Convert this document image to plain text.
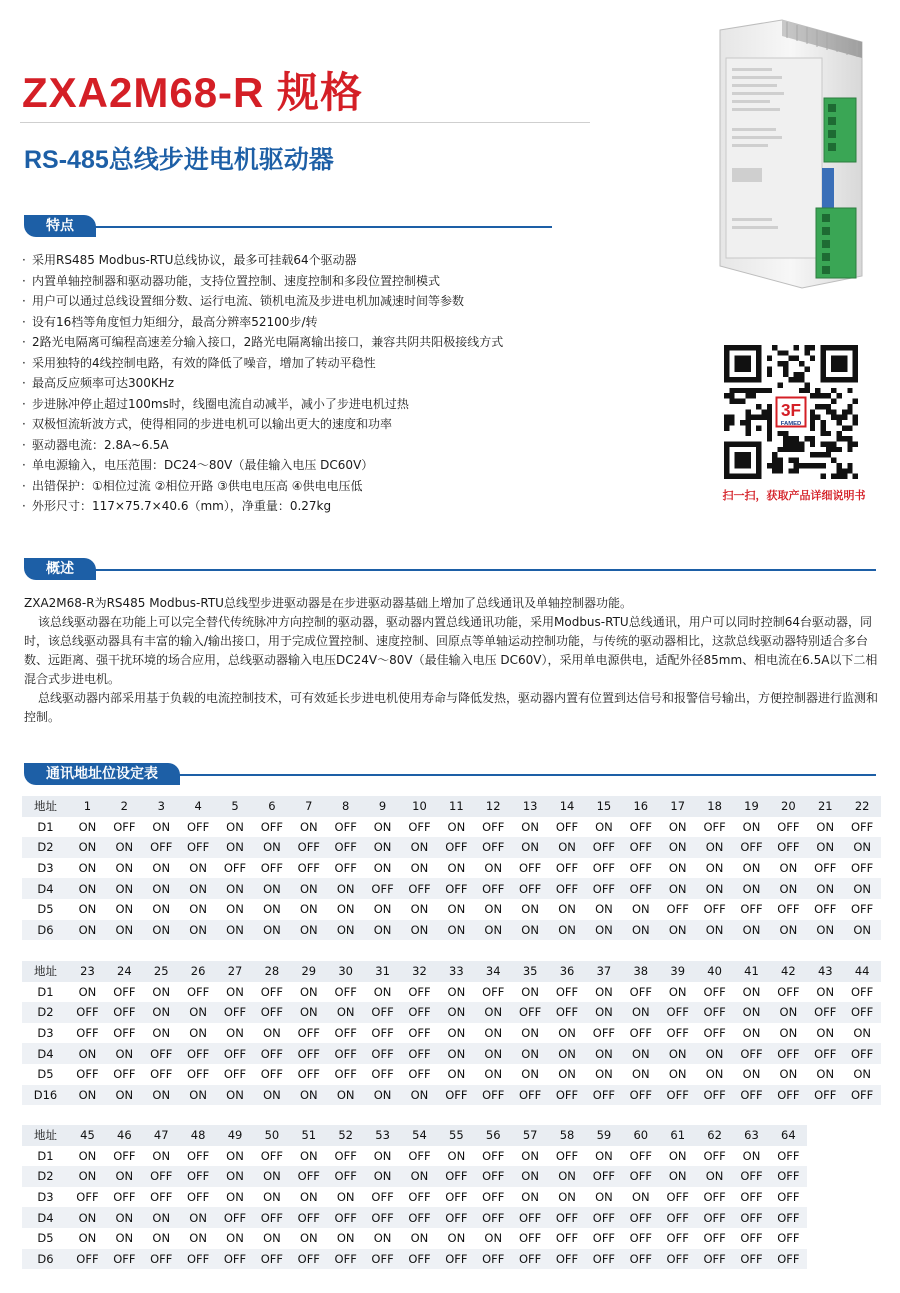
ZXA2M68-R 规格
RS-485总线步进电机驱动器
特点
· 采用RS485 Modbus-RTU总线协议，最多可挂载64个驱动器
· 内置单轴控制器和驱动器功能，支持位置控制、速度控制和多段位置控制模式
· 用户可以通过总线设置细分数、运行电流、锁机电流及步进电机加减速时间等参数
· 设有16档等角度恒力矩细分，最高分辨率52100步/转
· 2路光电隔离可编程高速差分输入接口，2路光电隔离输出接口，兼容共阴共阳极接线方式
· 采用独特的4线控制电路，有效的降低了噪音，增加了转动平稳性
· 最高反应频率可达300KHz
· 步进脉冲停止超过100ms时，线圈电流自动减半，减小了步进电机过热
· 双极恒流斩波方式，使得相同的步进电机可以输出更大的速度和功率
· 驱动器电流：2.8A~6.5A
· 单电源输入，电压范围：DC24～80V（最佳输入电压 DC60V）
· 出错保护：①相位过流 ②相位开路 ③供电电压高 ④供电电压低
· 外形尺寸：117×75.7×40.6（mm），净重量：0.27kg
3F
FAMED
扫一扫，获取产品详细说明书
概述

ZXA2M68-R为RS485 Modbus-RTU总线型步进驱动器是在步进驱动器基础上增加了总线通讯及单轴控制器功能。

该总线驱动器在功能上可以完全替代传统脉冲方向控制的驱动器，驱动器内置总线通讯功能，采用Modbus-RTU总线通讯，用户可以同时控制64台驱动器，同时，该总线驱动器具有丰富的输入/输出接口，用于完成位置控制、速度控制、回原点等单轴运动控制功能，与传统的驱动器相比，这款总线驱动器特别适合多台数、远距离、强干扰环境的场合应用，总线驱动器输入电压DC24V～80V（最佳输入电压 DC60V），采用单电源供电，适配外径85mm、相电流在6.5A以下二相混合式步进电机。

总线驱动器内部采用基于负载的电流控制技术，可有效延长步进电机使用寿命与降低发热，驱动器内置有位置到达信号和报警信号输出，方便控制器进行监测和控制。

通讯地址位设定表
地址	1	2	3	4	5	6	7	8	9	10	11	12	13	14	15	16	17	18	19	20	21	22
D1	ON	OFF	ON	OFF	ON	OFF	ON	OFF	ON	OFF	ON	OFF	ON	OFF	ON	OFF	ON	OFF	ON	OFF	ON	OFF
D2	ON	ON	OFF	OFF	ON	ON	OFF	OFF	ON	ON	OFF	OFF	ON	ON	OFF	OFF	ON	ON	OFF	OFF	ON	ON
D3	ON	ON	ON	ON	OFF	OFF	OFF	OFF	ON	ON	ON	ON	OFF	OFF	OFF	OFF	ON	ON	ON	ON	OFF	OFF
D4	ON	ON	ON	ON	ON	ON	ON	ON	OFF	OFF	OFF	OFF	OFF	OFF	OFF	OFF	ON	ON	ON	ON	ON	ON
D5	ON	ON	ON	ON	ON	ON	ON	ON	ON	ON	ON	ON	ON	ON	ON	ON	OFF	OFF	OFF	OFF	OFF	OFF
D6	ON	ON	ON	ON	ON	ON	ON	ON	ON	ON	ON	ON	ON	ON	ON	ON	ON	ON	ON	ON	ON	ON
地址	23	24	25	26	27	28	29	30	31	32	33	34	35	36	37	38	39	40	41	42	43	44
D1	ON	OFF	ON	OFF	ON	OFF	ON	OFF	ON	OFF	ON	OFF	ON	OFF	ON	OFF	ON	OFF	ON	OFF	ON	OFF
D2	OFF	OFF	ON	ON	OFF	OFF	ON	ON	OFF	OFF	ON	ON	OFF	OFF	ON	ON	OFF	OFF	ON	ON	OFF	OFF
D3	OFF	OFF	ON	ON	ON	ON	OFF	OFF	OFF	OFF	ON	ON	ON	ON	OFF	OFF	OFF	OFF	ON	ON	ON	ON
D4	ON	ON	OFF	OFF	OFF	OFF	OFF	OFF	OFF	OFF	ON	ON	ON	ON	ON	ON	ON	ON	OFF	OFF	OFF	OFF
D5	OFF	OFF	OFF	OFF	OFF	OFF	OFF	OFF	OFF	OFF	ON	ON	ON	ON	ON	ON	ON	ON	ON	ON	ON	ON
D16	ON	ON	ON	ON	ON	ON	ON	ON	ON	ON	OFF	OFF	OFF	OFF	OFF	OFF	OFF	OFF	OFF	OFF	OFF	OFF
地址	45	46	47	48	49	50	51	52	53	54	55	56	57	58	59	60	61	62	63	64		
D1	ON	OFF	ON	OFF	ON	OFF	ON	OFF	ON	OFF	ON	OFF	ON	OFF	ON	OFF	ON	OFF	ON	OFF		
D2	ON	ON	OFF	OFF	ON	ON	OFF	OFF	ON	ON	OFF	OFF	ON	ON	OFF	OFF	ON	ON	OFF	OFF		
D3	OFF	OFF	OFF	OFF	ON	ON	ON	ON	OFF	OFF	OFF	OFF	ON	ON	ON	ON	OFF	OFF	OFF	OFF		
D4	ON	ON	ON	ON	OFF	OFF	OFF	OFF	OFF	OFF	OFF	OFF	OFF	OFF	OFF	OFF	OFF	OFF	OFF	OFF		
D5	ON	ON	ON	ON	ON	ON	ON	ON	ON	ON	ON	ON	OFF	OFF	OFF	OFF	OFF	OFF	OFF	OFF		
D6	OFF	OFF	OFF	OFF	OFF	OFF	OFF	OFF	OFF	OFF	OFF	OFF	OFF	OFF	OFF	OFF	OFF	OFF	OFF	OFF		
